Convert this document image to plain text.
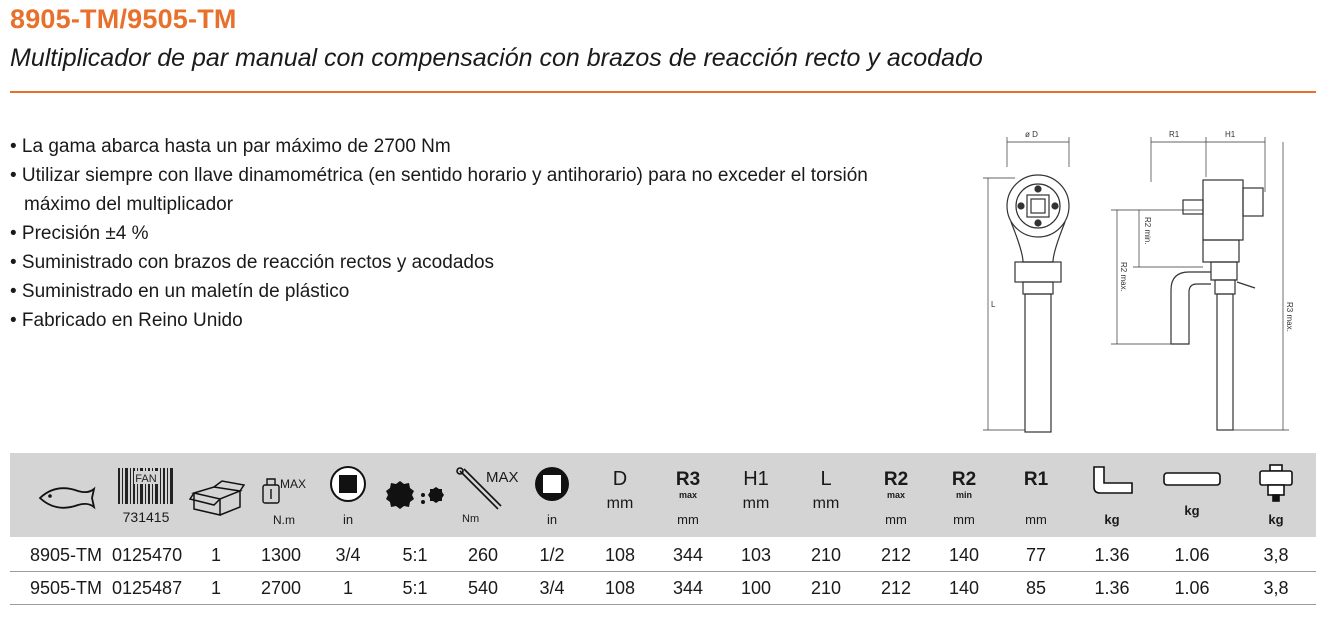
8905-TM/9505-TM
Multiplicador de par manual con compensación con brazos de reacción recto y acodado
• La gama abarca hasta un par máximo de 2700 Nm
• Utilizar siempre con llave dinamométrica (en sentido horario y antihorario) para no exceder el torsión máximo del multiplicador
• Precisión ±4 %
• Suministrado con brazos de reacción rectos y acodados
• Suministrado en un maletín de plástico
• Fabricado en Reino Unido
ø D	R1	H1
L
R2 min.
R2 max.
R3 max.
FAN
731415
MAX
N.m	in
MAX
Nm	in
D
mm
R3
max
mm
H1
mm
L
mm
R2
max
mm
R2
min
mm
R1
mm	kg
kg
kg
8905-TM 0125470	1	1300	3/4	5:1	260	1/2	108	344	103	210	212	140	77	1.36	1.06	3,8
9505-TM 0125487	1	2700	1	5:1	540	3/4	108	344	100	210	212	140	85	1.36	1.06	3,8
